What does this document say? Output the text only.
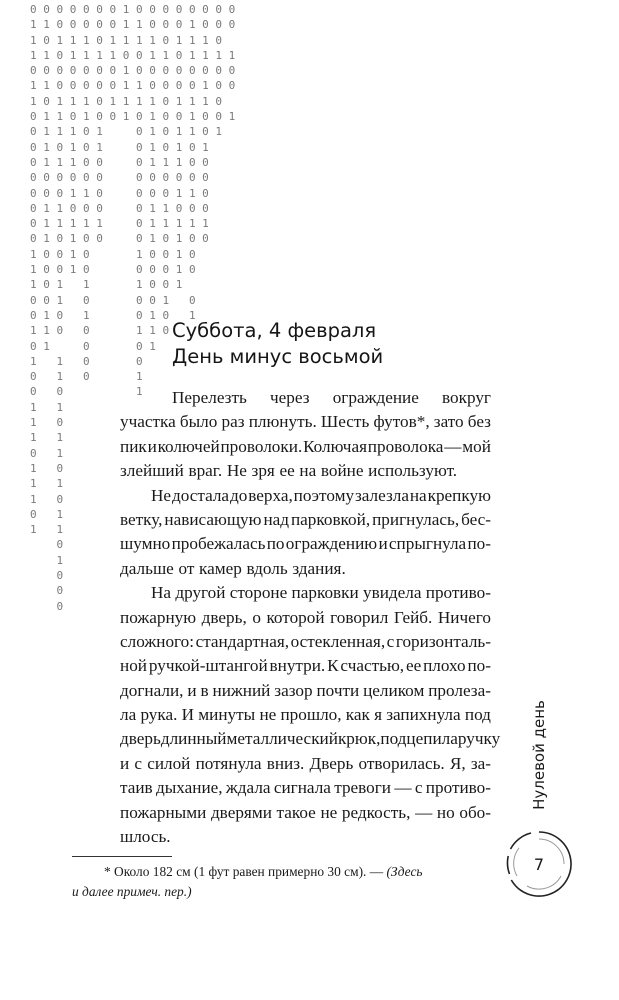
0 0 0 0 0 0 0 1 0 0 0 0 0 0 0 0
1 1 0 0 0 0 0 1 1 0 0 0 1 0 0 0
1 0 1 1 1 0 1 1 1 1 0 1 1 1 0
1 1 0 1 1 1 1 0 0 1 1 0 1 1 1 1
0 0 0 0 0 0 0 1 0 0 0 0 0 0 0 0
1 1 0 0 0 0 0 1 1 0 0 0 0 1 0 0
1 0 1 1 1 0 1 1 1 1 0 1 1 1 0
0 1 1 0 1 0 0 1 0 1 0 0 1 0 0 1
0 1 1 1 0 1     0 1 0 1 1 0 1
0 1 0 1 0 1     0 1 0 1 0 1
0 1 1 1 0 0     0 1 1 1 0 0
0 0 0 0 0 0     0 0 0 0 0 0
0 0 0 1 1 0     0 0 0 1 1 0
0 1 1 0 0 0     0 1 1 0 0 0
0 1 1 1 1 1     0 1 1 1 1 1
0 1 0 1 0 0     0 1 0 1 0 0
1 0 0 1 0       1 0 0 1 0
1 0 0 1 0       0 0 0 1 0
1 0 1   1       1 0 0 1
0 0 1   0       0 0 1   0
0 1 0   1       0 1 0   1
1 1 0   0       1 1 0
0 1     0       0 1
1   1   0       0
0   1   0       1
0   0           1
1   1
1   0
1   1
0   1
1   0
1   1
1   0
0   1
1   1
0
1
0
0
0
Суббота, 4 февраля
День минус восьмой
Перелезть через ограждение вокруг
участка было раз плюнуть. Шесть футов*, зато без
пик и колючей проволоки. Колючая проволока — мой
злейший враг. Не зря ее на войне используют.
Не достала до верха, поэтому залезла на крепкую
ветку, нависающую над парковкой, пригнулась, бес-
шумно пробежалась по ограждению и спрыгнула по-
дальше от камер вдоль здания.
На другой стороне парковки увидела противо-
пожарную дверь, о которой говорил Гейб. Ничего
сложного: стандартная, остекленная, с горизонталь-
ной ручкой-штангой внутри. К счастью, ее плохо по-
догнали, и в нижний зазор почти целиком пролеза-
ла рука. И минуты не прошло, как я запихнула под
дверь длинный металлический крюк, подцепила ручку
и с силой потянула вниз. Дверь отворилась. Я, за-
таив дыхание, ждала сигнала тревоги — с противо-
пожарными дверями такое не редкость, — но обо-
шлось.
* Около 182 см (1 фут равен примерно 30 см). — (Здесь
и далее примеч. пер.)
Нулевой день
7
